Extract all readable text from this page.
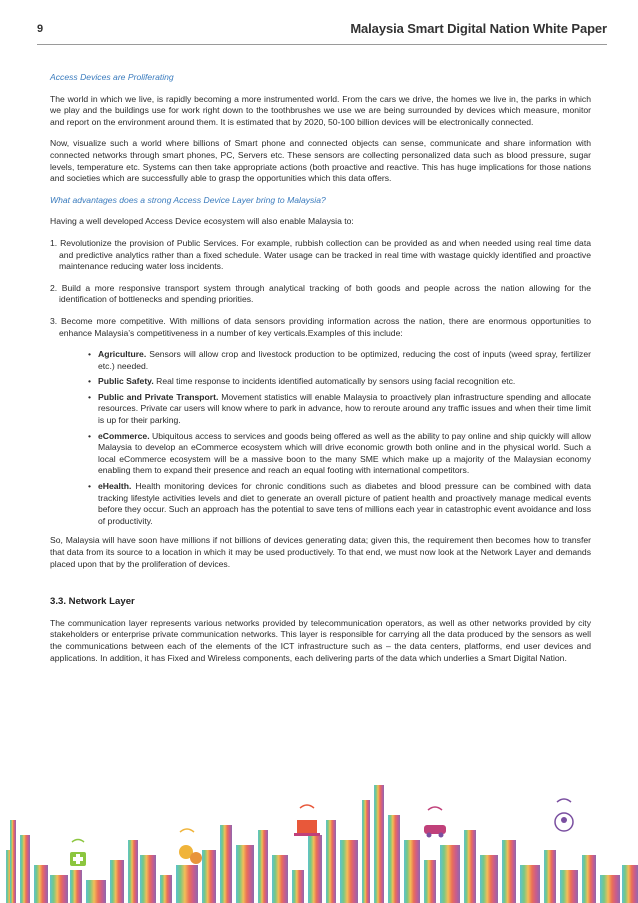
9	Malaysia Smart Digital Nation White Paper

Access Devices are Proliferating

The world in which we live, is rapidly becoming a more instrumented world. From the cars we drive, the homes we live in, the parks in which we play and the buildings use for work right down to the toothbrushes we use we are being surrounded by devices which measure, monitor and report on the environment around them. It is estimated that by 2020, 50-100 billion devices will be electronically connected.

Now, visualize such a world where billions of Smart phone and connected objects can sense, communicate and share information with connected networks through smart phones, PC, Servers etc. These sensors are collecting personalized data such as blood pressure, sugar levels, temperature etc. Systems can then take appropriate actions (both proactive and reactive. This has huge implications for those nations and societies which are successfully able to grasp the opportunities which this data offers.

What advantages does a strong Access Device Layer bring to Malaysia?

Having a well developed Access Device ecosystem will also enable Malaysia to:

1. Revolutionize the provision of Public Services. For example, rubbish collection can be provided as and when needed using real time data and predictive analytics rather than a fixed schedule. Water usage can be tracked in real time with wastage quickly identified and proactive maintenance reducing water loss incidents.

2. Build a more responsive transport system through analytical tracking of both goods and people across the nation allowing for the identification of bottlenecks and spending priorities.

3. Become more competitive. With millions of data sensors providing information across the nation, there are enormous opportunities to enhance Malaysia’s competitiveness in a number of key verticals.Examples of this include:

• Agriculture. Sensors will allow crop and livestock production to be optimized, reducing the cost of inputs (weed spray, fertilizer etc.) needed.
• Public Safety. Real time response to incidents identified automatically by sensors using facial recognition etc.
• Public and Private Transport. Movement statistics will enable Malaysia to proactively plan infrastructure spending and allocate resources. Private car users will know where to park in advance, how to reroute around any traffic issues and when their time limit is up for their parking.
• eCommerce. Ubiquitous access to services and goods being offered as well as the ability to pay online and ship quickly will allow Malaysia to develop an eCommerce ecosystem which will drive economic growth both online and in the physical world. Such a local eCommerce ecosystem will be a massive boon to the many SME which make up a majority of the Malaysian economy enabling them to expand their presence and reach an equal footing with international competitors.
• eHealth. Health monitoring devices for chronic conditions such as diabetes and blood pressure can be combined with data tracking lifestyle activities levels and diet to generate an overall picture of patient health and proactively manage medical events before they occur. Such an approach has the potential to save tens of millions each year in catastrophic event avoidance and loss of productivity.

So, Malaysia will have soon have millions if not billions of devices generating data; given this, the requirement then becomes how to transfer that data from its source to a location in which it may be used productively. To that end, we must now look at the Network Layer and demands placed upon that by the proliferation of devices.

3.3. Network Layer

The communication layer represents various networks provided by telecommunication operators, as well as other networks provided by city stakeholders or enterprise private communication networks. This layer is responsible for carrying all the data produced by the sensors as well the communications between each of the elements of the ICT infrastructure such as – the data centers, platforms, end user devices and applications. In addition, it has Fixed and Wireless components, each delivering parts of the data which underlies a Smart Digital Nation.
